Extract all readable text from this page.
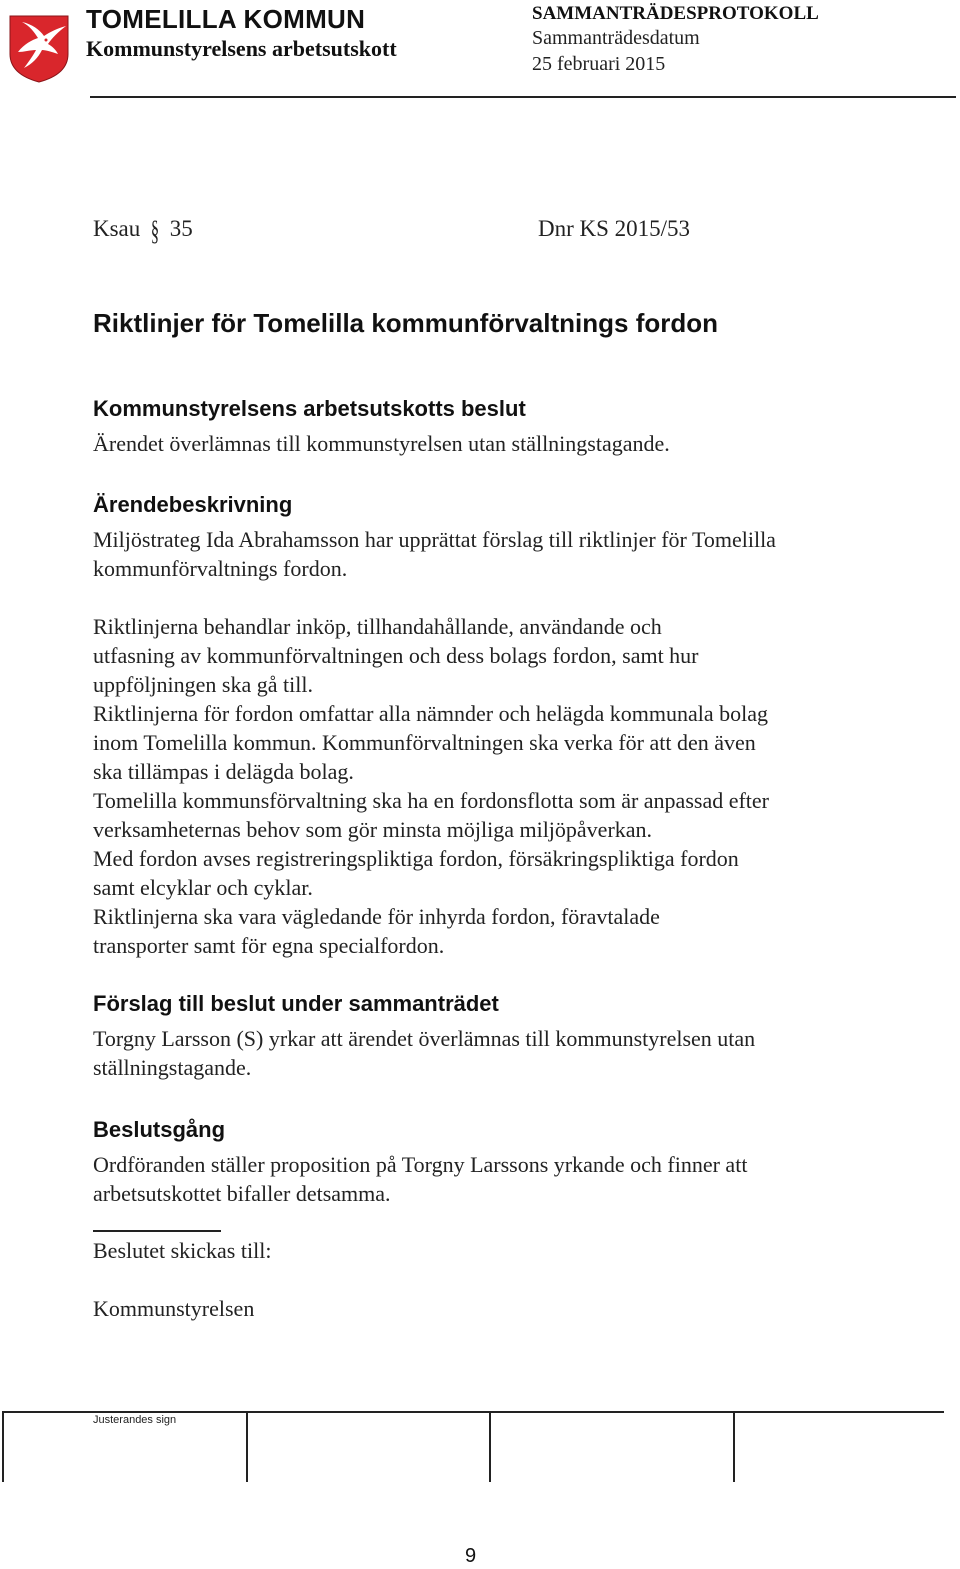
TOMELILLA KOMMUN
Kommunstyrelsens arbetsutskott
SAMMANTRÄDESPROTOKOLL
Sammanträdesdatum
25 februari 2015
Ksau § 35	Dnr KS 2015/53
Riktlinjer för Tomelilla kommunförvaltnings fordon
Kommunstyrelsens arbetsutskotts beslut
Ärendet överlämnas till kommunstyrelsen utan ställningstagande.
Ärendebeskrivning
Miljöstrateg Ida Abrahamsson har upprättat förslag till riktlinjer för Tomelilla
kommunförvaltnings fordon.
Riktlinjerna behandlar inköp, tillhandahållande, användande och
utfasning av kommunförvaltningen och dess bolags fordon, samt hur
uppföljningen ska gå till.
Riktlinjerna för fordon omfattar alla nämnder och helägda kommunala bolag
inom Tomelilla kommun. Kommunförvaltningen ska verka för att den även
ska tillämpas i delägda bolag.
Tomelilla kommunsförvaltning ska ha en fordonsflotta som är anpassad efter
verksamheternas behov som gör minsta möjliga miljöpåverkan.
Med fordon avses registreringspliktiga fordon, försäkringspliktiga fordon
samt elcyklar och cyklar.
Riktlinjerna ska vara vägledande för inhyrda fordon, föravtalade
transporter samt för egna specialfordon.
Förslag till beslut under sammanträdet
Torgny Larsson (S) yrkar att ärendet överlämnas till kommunstyrelsen utan
ställningstagande.
Beslutsgång
Ordföranden ställer proposition på Torgny Larssons yrkande och finner att
arbetsutskottet bifaller detsamma.
Beslutet skickas till:
Kommunstyrelsen
Justerandes sign
9
